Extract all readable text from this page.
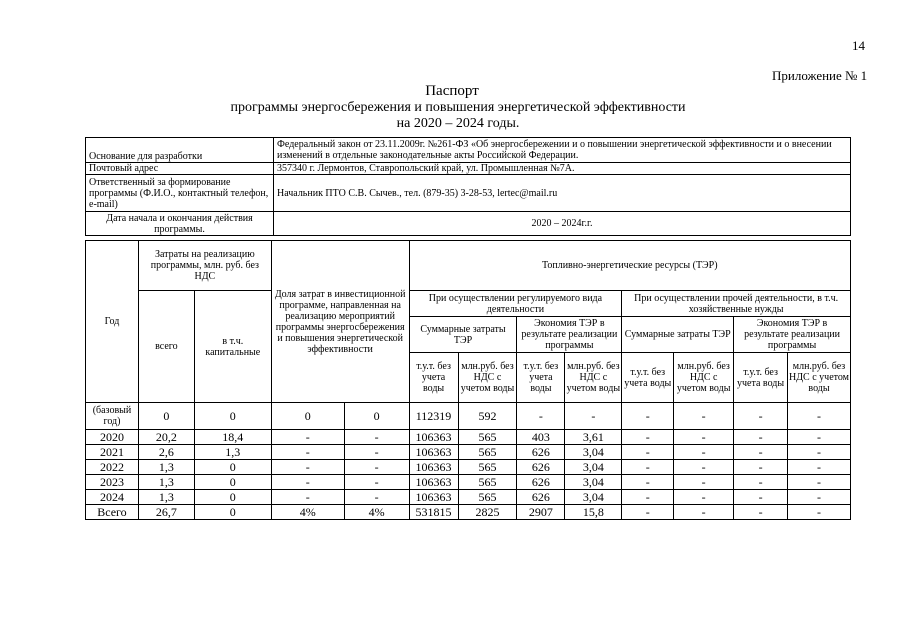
14
Приложение № 1
Паспорт
программы энергосбережения и повышения энергетической эффективности
на 2020 – 2024 годы.
Основание для разработки	Федеральный закон от 23.11.2009г. №261-ФЗ «Об энергосбережении и о повышении энергетической эффективности и о внесении изменений в отдельные законодательные акты Российской Федерации.
Почтовый адрес	357340 г. Лермонтов, Ставропольский край, ул. Промышленная №7А.
Ответственный за формирование программы (Ф.И.О., контактный телефон, e-mail)	Начальник ПТО С.В. Сычев., тел. (879-35) 3-28-53, lertec@mail.ru
Дата начала и окончания действия программы.	2020 – 2024г.г.
Год	Затраты на реализацию программы, млн. руб. без НДС		Доля затрат в инвестиционной программе, направленная на реализацию мероприятий программы энергосбережения и повышения энергетической эффективности		Топливно-энергетические ресурсы (ТЭР)							
	всего	в т.ч. капитальные			При осуществлении регулируемого вида деятельности				При осуществлении прочей деятельности, в т.ч. хозяйственные нужды			
					Суммарные затраты ТЭР		Экономия ТЭР в результате реализации программы		Суммарные затраты ТЭР		Экономия ТЭР в результате реализации программы	
					т.у.т. без учета воды	млн.руб. без НДС с учетом воды	т.у.т. без учета воды	млн.руб. без НДС с учетом воды	т.у.т. без учета воды	млн.руб. без НДС с учетом воды	т.у.т. без учета воды	млн.руб. без НДС с учетом воды
(базовый год)	0	0	0	0	112319	592	-	-	-	-	-	-
2020	20,2	18,4	-	-	106363	565	403	3,61	-	-	-	-
2021	2,6	1,3	-	-	106363	565	626	3,04	-	-	-	-
2022	1,3	0	-	-	106363	565	626	3,04	-	-	-	-
2023	1,3	0	-	-	106363	565	626	3,04	-	-	-	-
2024	1,3	0	-	-	106363	565	626	3,04	-	-	-	-
Всего	26,7	0	4%	4%	531815	2825	2907	15,8	-	-	-	-
